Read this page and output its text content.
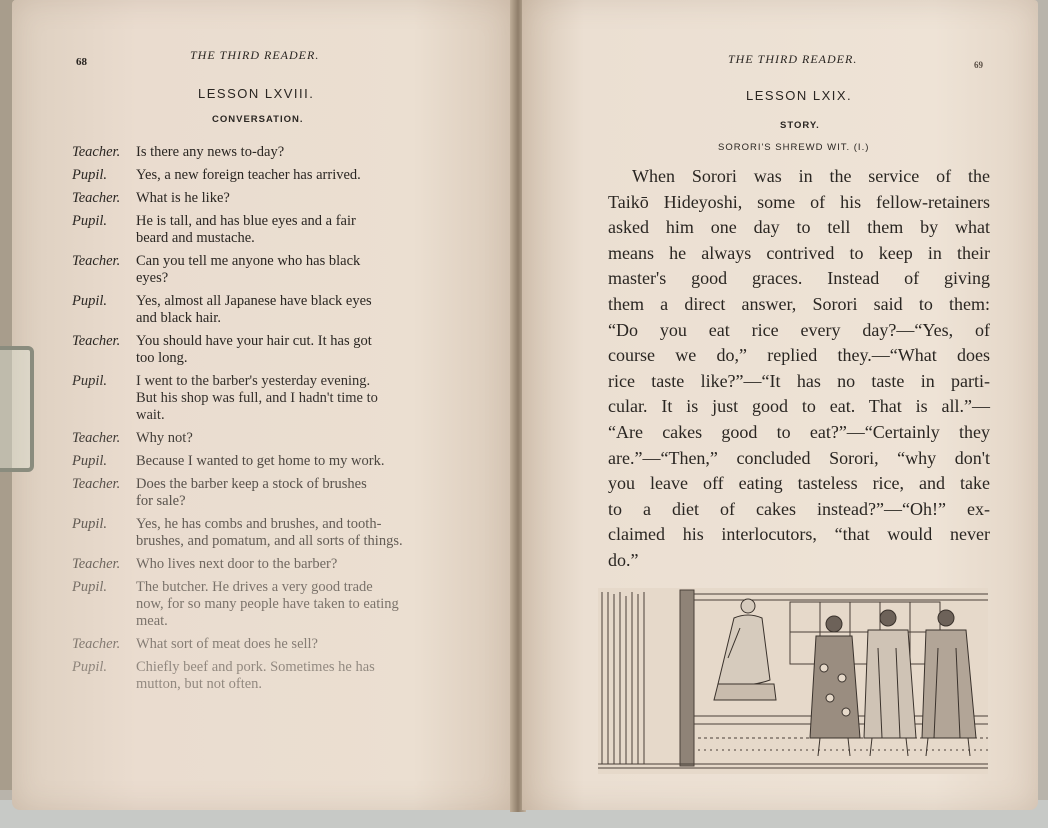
68	THE THIRD READER.
LESSON LXVIII.
CONVERSATION.
Teacher.	Is there any news to-day?
Pupil.	Yes, a new foreign teacher has arrived.
Teacher.	What is he like?
Pupil.	He is tall, and has blue eyes and a fair
beard and mustache.
Teacher.	Can you tell me anyone who has black
eyes?
Pupil.	Yes, almost all Japanese have black eyes
and black hair.
Teacher.	You should have your hair cut. It has got
too long.
Pupil.	I went to the barber's yesterday evening.
But his shop was full, and I hadn't time to
wait.
Teacher.	Why not?
Pupil.	Because I wanted to get home to my work.
Teacher.	Does the barber keep a stock of brushes
for sale?
Pupil.	Yes, he has combs and brushes, and tooth-
brushes, and pomatum, and all sorts of things.
Teacher.	Who lives next door to the barber?
Pupil.	The butcher. He drives a very good trade
now, for so many people have taken to eating
meat.
Teacher.	What sort of meat does he sell?
Pupil.	Chiefly beef and pork. Sometimes he has
mutton, but not often.
THE THIRD READER.	69
LESSON LXIX.
STORY.
SORORI'S SHREWD WIT. (I.)
When Sorori was in the service of the
Taikō Hideyoshi, some of his fellow-retainers
asked him one day to tell them by what
means he always contrived to keep in their
master's good graces. Instead of giving
them a direct answer, Sorori said to them:
“Do you eat rice every day?—“Yes, of
course we do,” replied they.—“What does
rice taste like?”—“It has no taste in parti-
cular. It is just good to eat. That is all.”—
“Are cakes good to eat?”—“Certainly they
are.”—“Then,” concluded Sorori, “why don't
you leave off eating tasteless rice, and take
to a diet of cakes instead?”—“Oh!” ex-
claimed his interlocutors, “that would never
do.”
